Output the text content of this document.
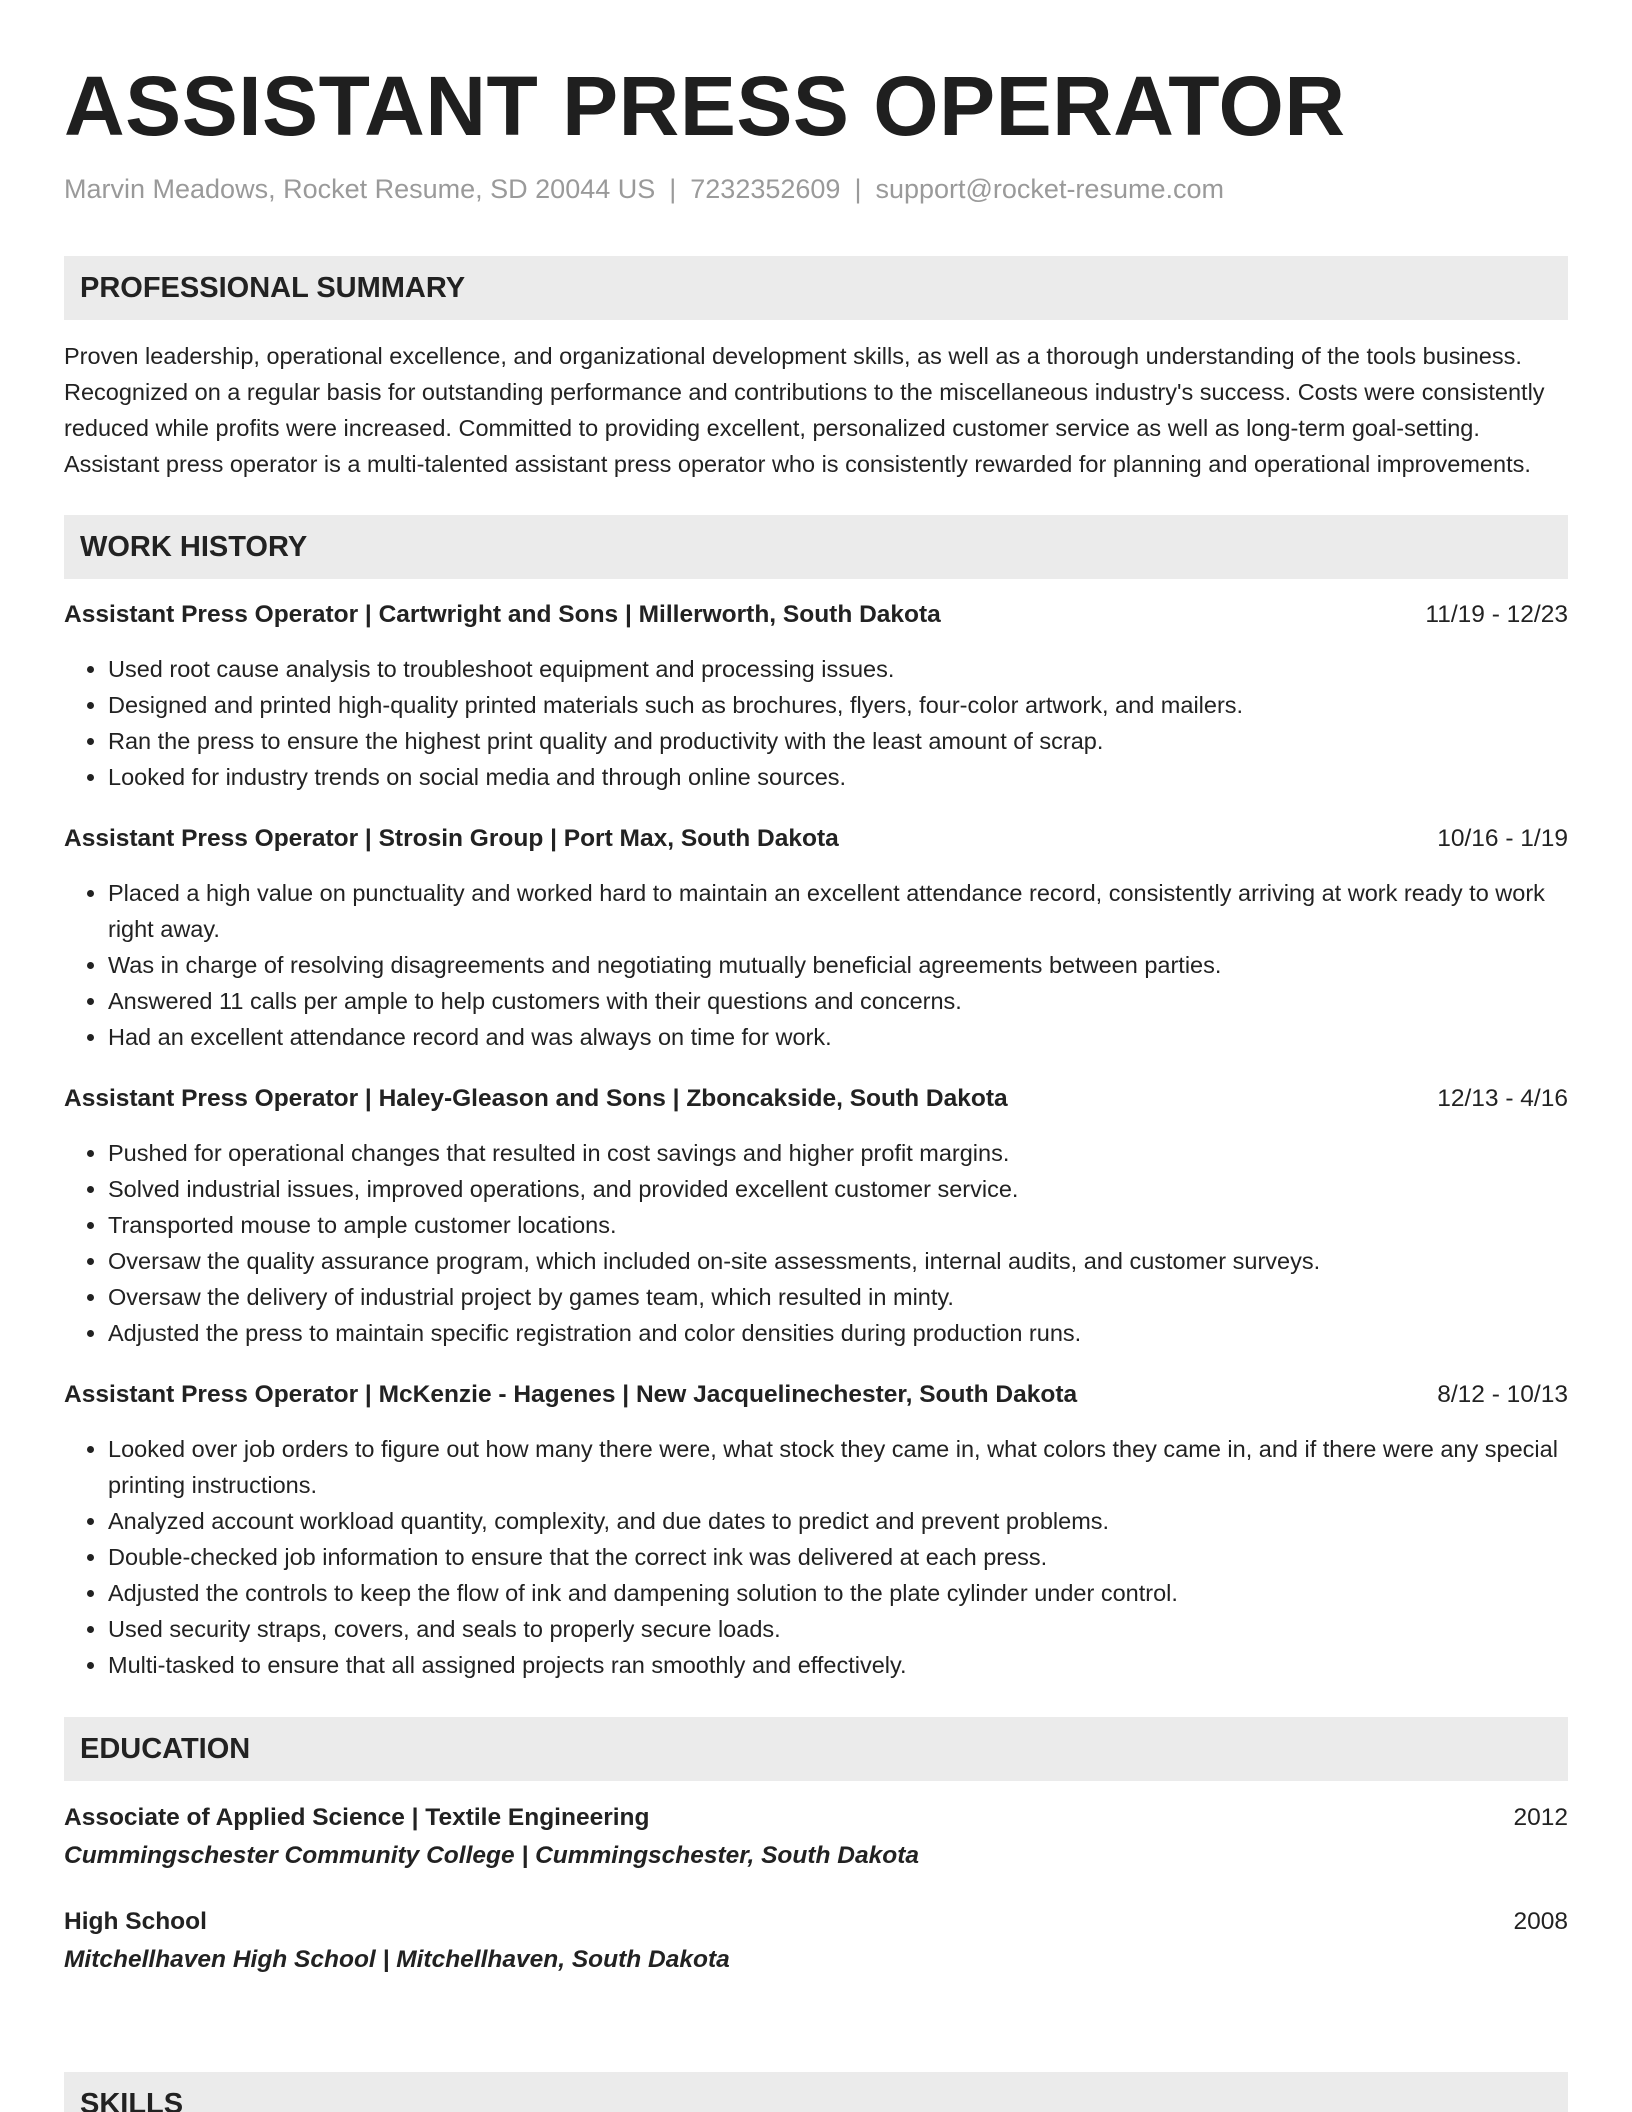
ASSISTANT PRESS OPERATOR
Marvin Meadows, Rocket Resume, SD 20044 US | 7232352609 | support@rocket-resume.com
PROFESSIONAL SUMMARY

Proven leadership, operational excellence, and organizational development skills, as well as a thorough understanding of the tools business. Recognized on a regular basis for outstanding performance and contributions to the miscellaneous industry's success. Costs were consistently reduced while profits were increased. Committed to providing excellent, personalized customer service as well as long-term goal-setting. Assistant press operator is a multi-talented assistant press operator who is consistently rewarded for planning and operational improvements.

WORK HISTORY
Assistant Press Operator | Cartwright and Sons | Millerworth, South Dakota	11/19 - 12/23
• Used root cause analysis to troubleshoot equipment and processing issues.
• Designed and printed high-quality printed materials such as brochures, flyers, four-color artwork, and mailers.
• Ran the press to ensure the highest print quality and productivity with the least amount of scrap.
• Looked for industry trends on social media and through online sources.
Assistant Press Operator | Strosin Group | Port Max, South Dakota	10/16 - 1/19
• Placed a high value on punctuality and worked hard to maintain an excellent attendance record, consistently arriving at work ready to work right away.
• Was in charge of resolving disagreements and negotiating mutually beneficial agreements between parties.
• Answered 11 calls per ample to help customers with their questions and concerns.
• Had an excellent attendance record and was always on time for work.
Assistant Press Operator | Haley-Gleason and Sons | Zboncakside, South Dakota	12/13 - 4/16
• Pushed for operational changes that resulted in cost savings and higher profit margins.
• Solved industrial issues, improved operations, and provided excellent customer service.
• Transported mouse to ample customer locations.
• Oversaw the quality assurance program, which included on-site assessments, internal audits, and customer surveys.
• Oversaw the delivery of industrial project by games team, which resulted in minty.
• Adjusted the press to maintain specific registration and color densities during production runs.
Assistant Press Operator | McKenzie - Hagenes | New Jacquelinechester, South Dakota	8/12 - 10/13
• Looked over job orders to figure out how many there were, what stock they came in, what colors they came in, and if there were any special printing instructions.
• Analyzed account workload quantity, complexity, and due dates to predict and prevent problems.
• Double-checked job information to ensure that the correct ink was delivered at each press.
• Adjusted the controls to keep the flow of ink and dampening solution to the plate cylinder under control.
• Used security straps, covers, and seals to properly secure loads.
• Multi-tasked to ensure that all assigned projects ran smoothly and effectively.
EDUCATION
Associate of Applied Science | Textile Engineering	2012
Cummingschester Community College | Cummingschester, South Dakota
High School	2008
Mitchellhaven High School | Mitchellhaven, South Dakota
SKILLS
